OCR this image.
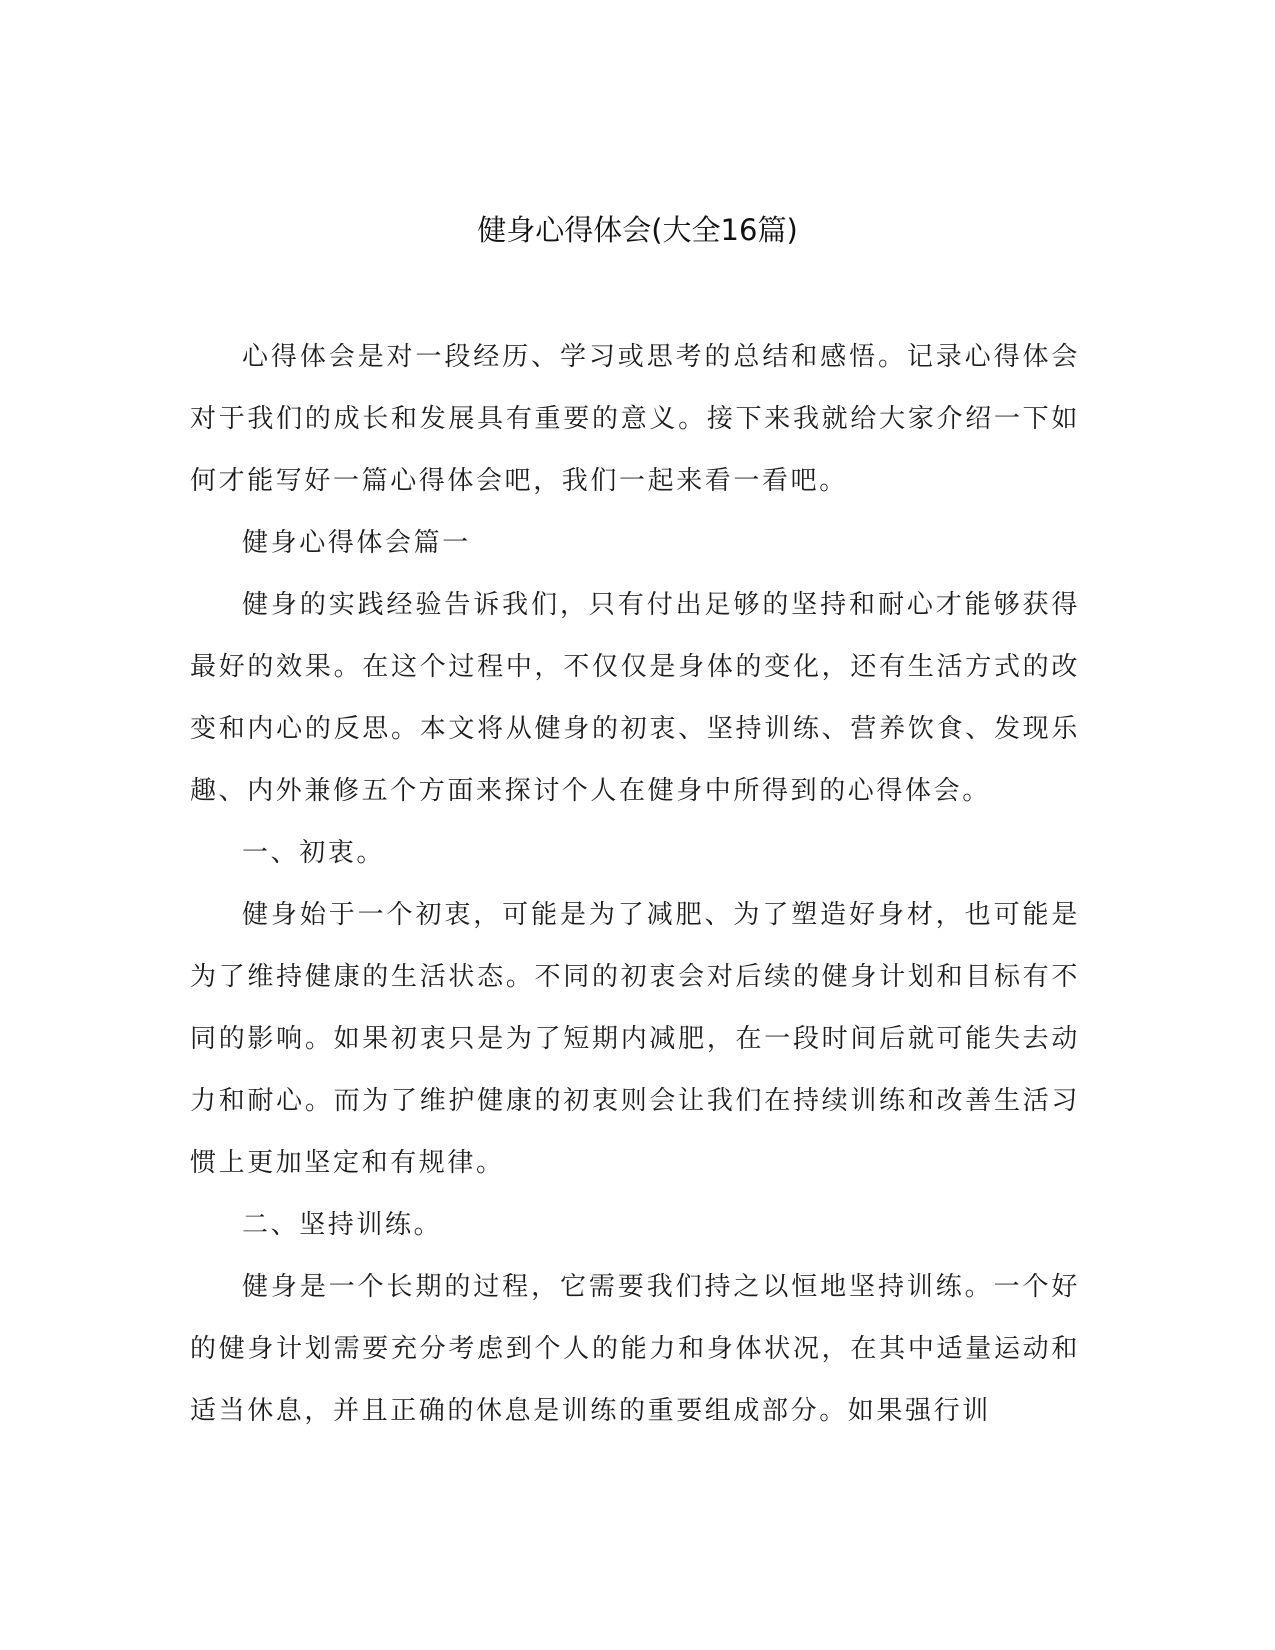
健身心得体会(大全16篇)

心得体会是对一段经历、学习或思考的总结和感悟。记录心得体会对于我们的成长和发展具有重要的意义。接下来我就给大家介绍一下如何才能写好一篇心得体会吧，我们一起来看一看吧。

健身心得体会篇一

健身的实践经验告诉我们，只有付出足够的坚持和耐心才能够获得最好的效果。在这个过程中，不仅仅是身体的变化，还有生活方式的改变和内心的反思。本文将从健身的初衷、坚持训练、营养饮食、发现乐趣、内外兼修五个方面来探讨个人在健身中所得到的心得体会。

一、初衷。

健身始于一个初衷，可能是为了减肥、为了塑造好身材，也可能是为了维持健康的生活状态。不同的初衷会对后续的健身计划和目标有不同的影响。如果初衷只是为了短期内减肥，在一段时间后就可能失去动力和耐心。而为了维护健康的初衷则会让我们在持续训练和改善生活习惯上更加坚定和有规律。

二、坚持训练。

健身是一个长期的过程，它需要我们持之以恒地坚持训练。一个好的健身计划需要充分考虑到个人的能力和身体状况，在其中适量运动和适当休息，并且正确的休息是训练的重要组成部分。如果强行训
